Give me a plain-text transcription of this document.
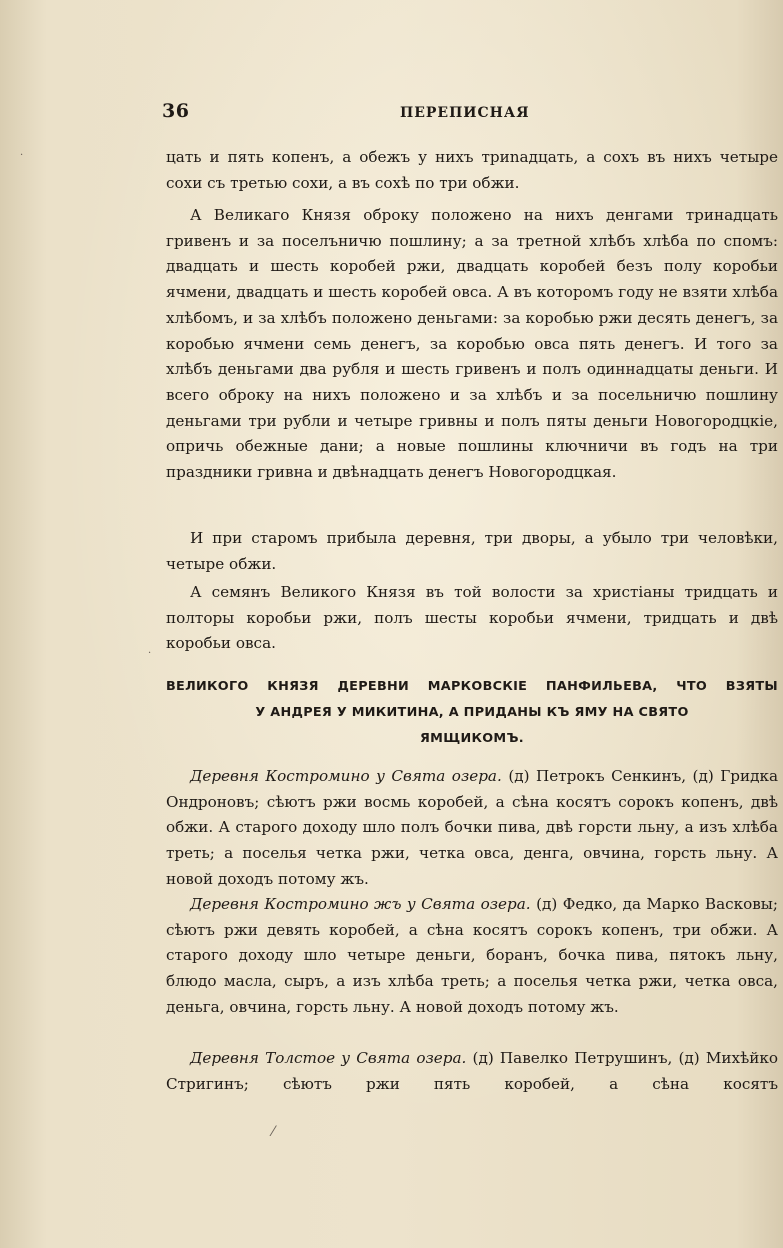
36	ПЕРЕПИСНАЯ
цать и пять копенъ, а обежъ у нихъ триnадцать, а сохъ въ нихъ четыре сохи съ третью сохи, а въ сохѣ по три обжи.
А Великаго Князя оброку положено на нихъ денгами тринадцать гривенъ и за поселъничю пошлину; а за третной хлѣбъ хлѣба по спомъ: двадцать и шесть коробей ржи, двадцать коробей безъ полу коробьи ячмени, двадцать и шесть коробей овса. А въ которомъ году не взяти хлѣба хлѣбомъ, и за хлѣбъ положено деньгами: за коробью ржи десять денегъ, за коробью ячмени семь денегъ, за коробью овса пять денегъ. И того за хлѣбъ деньгами два рубля и шесть гривенъ и полъ одиннадцаты деньги. И всего оброку на нихъ положено и за хлѣбъ и за посельничю пошлину деньгами три рубли и четыре гривны и полъ пяты деньги Новогородцкіе, опричь обежные дани; а новые пошлины ключничи въ годъ на три праздники гривна и двѣнадцать денегъ Новогородцкая.
И при старомъ прибыла деревня, три дворы, а убыло три человѣки, четыре обжи.
А семянъ Великого Князя въ той волости за христіаны тридцать и полторы коробьи ржи, полъ шесты коробьи ячмени, тридцать и двѣ коробьи овса.
ВЕЛИКОГО КНЯЗЯ ДЕРЕВНИ МАРКОВСКІЕ ПАНФИЛЬЕВА, ЧТО ВЗЯТЫ
У АНДРЕЯ У МИКИТИНА, А ПРИДАНЫ КЪ ЯМУ НА СВЯТО
ЯМЩИКОМЪ.
Деревня Костромино у Свята озера. (д) Петрокъ Сенкинъ, (д) Гридка Ондроновъ; сѣютъ ржи восмь коробей, а сѣна косятъ сорокъ копенъ, двѣ обжи. А старого доходу шло полъ бочки пива, двѣ горсти льну, а изъ хлѣба треть; а поселья четка ржи, четка овса, денга, овчина, горсть льну. А новой доходъ потому жъ.
Деревня Костромино жъ у Свята озера. (д) Федко, да Марко Васковы; сѣютъ ржи девять коробей, а сѣна косятъ сорокъ копенъ, три обжи. А старого доходу шло четыре деньги, боранъ, бочка пива, пятокъ льну, блюдо масла, сыръ, а изъ хлѣба треть; а поселья четка ржи, четка овса, деньга, овчина, горсть льну. А новой доходъ потому жъ.
Деревня Толстое у Свята озера. (д) Павелко Петрушинъ, (д) Михѣйко Стригинъ; сѣютъ ржи пять коробей, а сѣна косятъ
·
·
⁄
